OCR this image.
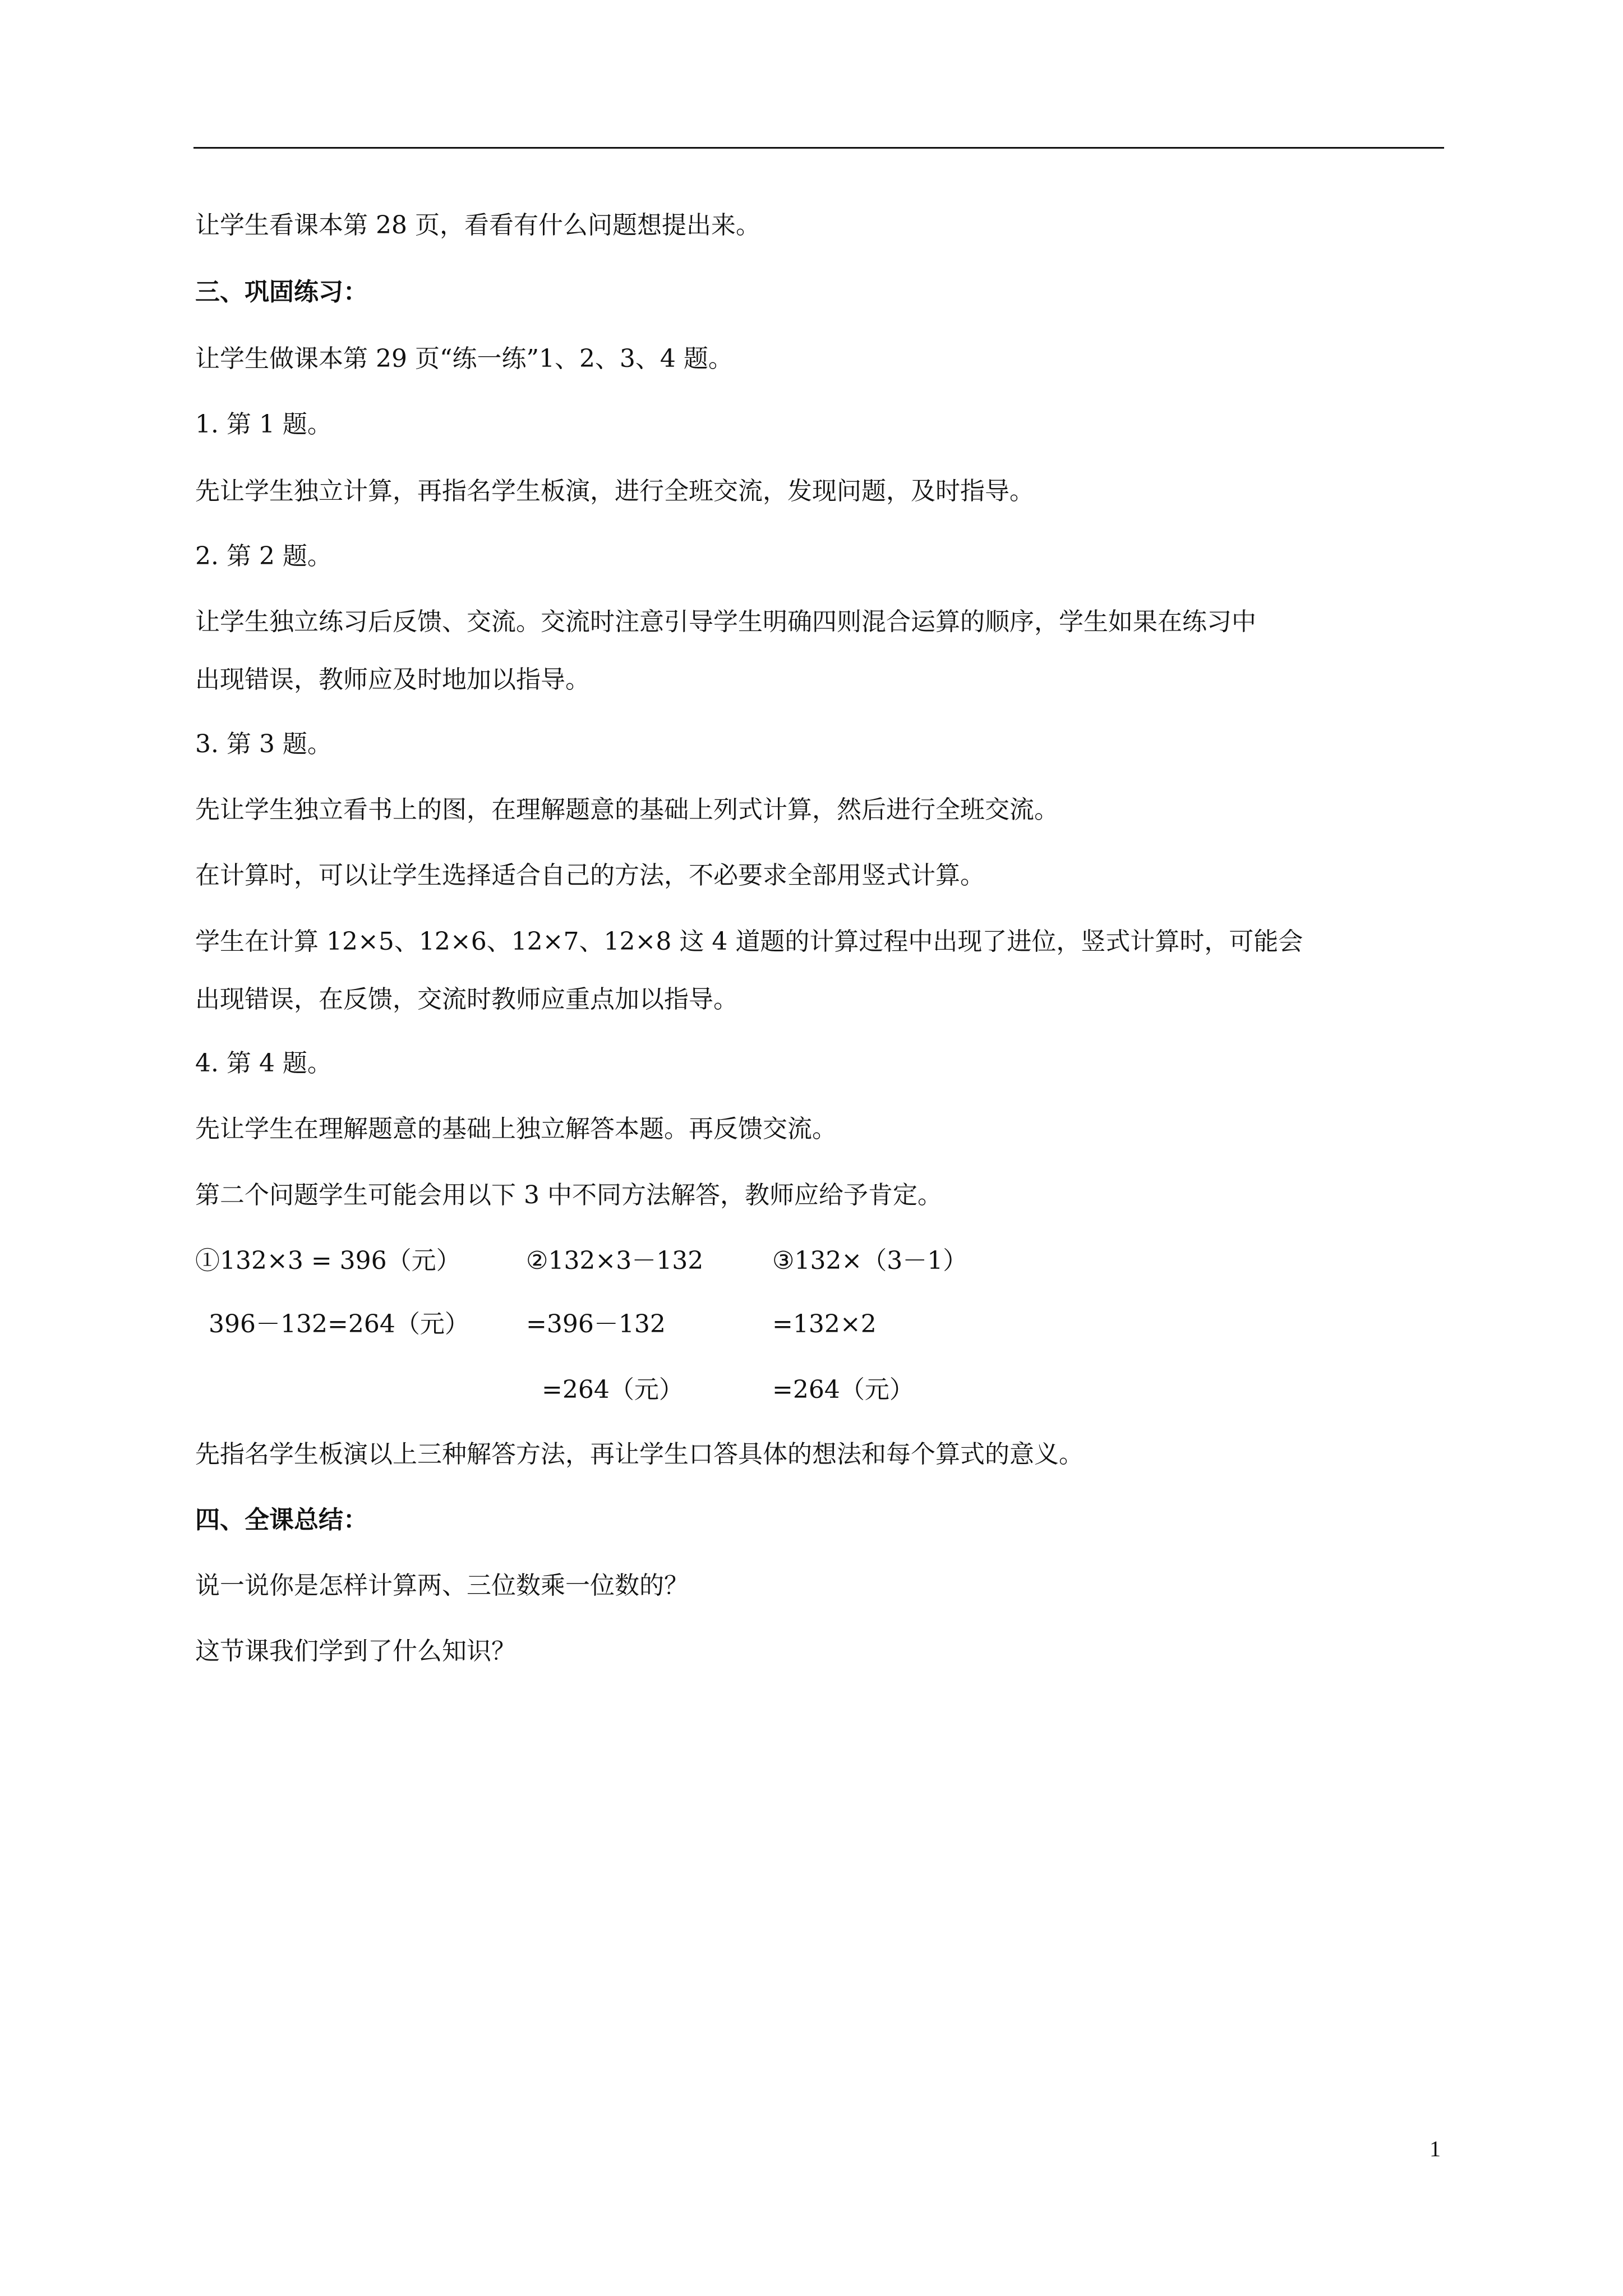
让学生看课本第 28 页，看看有什么问题想提出来。
三、巩固练习：
让学生做课本第 29 页“练一练”1、2、3、4 题。
1. 第 1 题。
先让学生独立计算，再指名学生板演，进行全班交流，发现问题，及时指导。
2. 第 2 题。
让学生独立练习后反馈、交流。交流时注意引导学生明确四则混合运算的顺序，学生如果在练习中
出现错误，教师应及时地加以指导。
3. 第 3 题。
先让学生独立看书上的图，在理解题意的基础上列式计算，然后进行全班交流。
在计算时，可以让学生选择适合自己的方法，不必要求全部用竖式计算。
学生在计算 12×5、12×6、12×7、12×8 这 4 道题的计算过程中出现了进位，竖式计算时，可能会
出现错误，在反馈，交流时教师应重点加以指导。
4. 第 4 题。
先让学生在理解题意的基础上独立解答本题。再反馈交流。
第二个问题学生可能会用以下 3 中不同方法解答，教师应给予肯定。
①132×3 = 396（元）
396－132=264（元）
②132×3－132
=396－132
=264（元）
③132×（3－1）
=132×2
=264（元）
先指名学生板演以上三种解答方法，再让学生口答具体的想法和每个算式的意义。
四、全课总结：
说一说你是怎样计算两、三位数乘一位数的？
这节课我们学到了什么知识？
1
